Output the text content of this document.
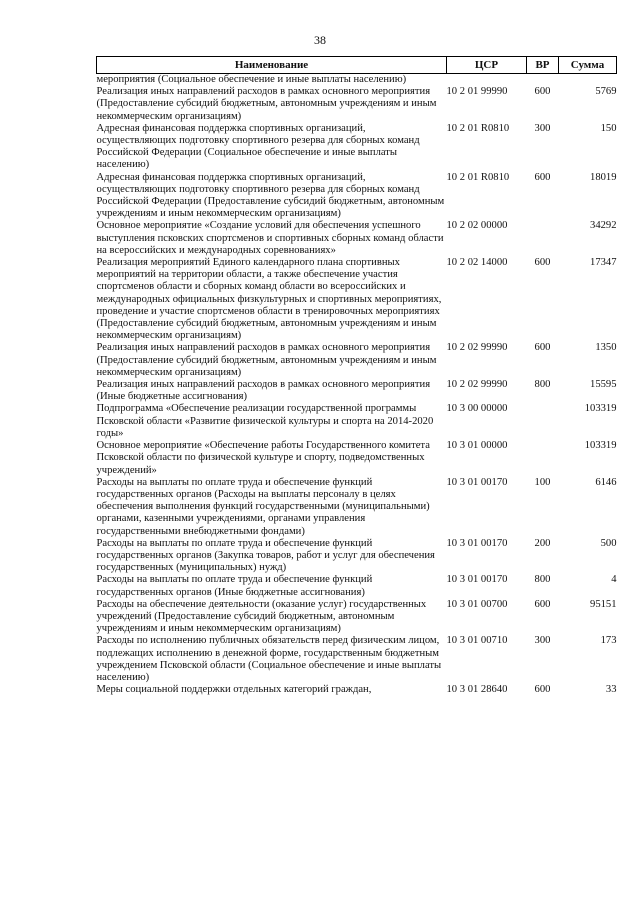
38
Наименование	ЦСР	ВР	Сумма
мероприятия (Социальное обеспечение и иные выплаты населению)			
Реализация иных направлений расходов в рамках основного мероприятия (Предоставление субсидий бюджетным, автономным учреждениям и иным некоммерческим организациям)	10 2 01 99990	600	5769
Адресная финансовая поддержка спортивных организаций, осуществляющих подготовку спортивного резерва для сборных команд Российской Федерации (Социальное обеспечение и иные выплаты населению)	10 2 01 R0810	300	150
Адресная финансовая поддержка спортивных организаций, осуществляющих подготовку спортивного резерва для сборных команд Российской Федерации (Предоставление субсидий бюджетным, автономным учреждениям и иным некоммерческим организациям)	10 2 01 R0810	600	18019
Основное мероприятие «Создание условий для обеспечения успешного выступления псковских спортсменов и спортивных сборных команд области на всероссийских и международных соревнованиях»	10 2 02 00000		34292
Реализация мероприятий Единого календарного плана спортивных мероприятий на территории области, а также обеспечение участия спортсменов области и сборных команд области во всероссийских и международных официальных физкультурных и спортивных мероприятиях, проведение и участие спортсменов области в тренировочных мероприятиях (Предоставление субсидий бюджетным, автономным учреждениям и иным некоммерческим организациям)	10 2 02 14000	600	17347
Реализация иных направлений расходов в рамках основного мероприятия (Предоставление субсидий бюджетным, автономным учреждениям и иным некоммерческим организациям)	10 2 02 99990	600	1350
Реализация иных направлений расходов в рамках основного мероприятия (Иные бюджетные ассигнования)	10 2 02 99990	800	15595
Подпрограмма «Обеспечение реализации государственной программы Псковской области «Развитие физической культуры и спорта на 2014-2020 годы»	10 3 00 00000		103319
Основное мероприятие «Обеспечение работы Государственного комитета Псковской области по физической культуре и спорту, подведомственных учреждений»	10 3 01 00000		103319
Расходы на выплаты по оплате труда и обеспечение функций государственных органов (Расходы на выплаты персоналу в целях обеспечения выполнения функций государственными (муниципальными) органами, казенными учреждениями, органами управления государственными внебюджетными фондами)	10 3 01 00170	100	6146
Расходы на выплаты по оплате труда и обеспечение функций государственных органов (Закупка товаров, работ и услуг для обеспечения государственных (муниципальных) нужд)	10 3 01 00170	200	500
Расходы на выплаты по оплате труда и обеспечение функций государственных органов (Иные бюджетные ассигнования)	10 3 01 00170	800	4
Расходы на обеспечение деятельности (оказание услуг) государственных учреждений (Предоставление субсидий бюджетным, автономным учреждениям и иным некоммерческим организациям)	10 3 01 00700	600	95151
Расходы по исполнению публичных обязательств перед физическим лицом, подлежащих исполнению в денежной форме, государственным бюджетным учреждением Псковской области (Социальное обеспечение и иные выплаты населению)	10 3 01 00710	300	173
Меры социальной поддержки отдельных категорий граждан,	10 3 01 28640	600	33
